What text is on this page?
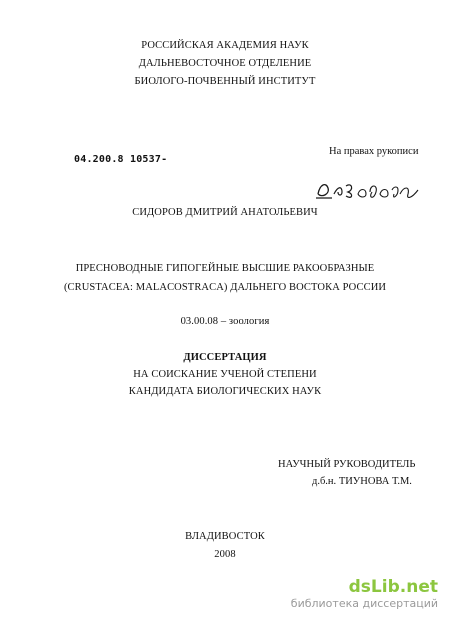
РОССИЙСКАЯ АКАДЕМИЯ НАУК
ДАЛЬНЕВОСТОЧНОЕ ОТДЕЛЕНИЕ
БИОЛОГО-ПОЧВЕННЫЙ ИНСТИТУТ
На правах рукописи
04.200.8 10537-
СИДОРОВ ДМИТРИЙ АНАТОЛЬЕВИЧ
ПРЕСНОВОДНЫЕ ГИПОГЕЙНЫЕ ВЫСШИЕ РАКООБРАЗНЫЕ
(CRUSTACEA: MALACOSTRACA) ДАЛЬНЕГО ВОСТОКА РОССИИ
03.00.08 – зоология
ДИССЕРТАЦИЯ
НА СОИСКАНИЕ УЧЕНОЙ СТЕПЕНИ
КАНДИДАТА БИОЛОГИЧЕСКИХ НАУК
НАУЧНЫЙ РУКОВОДИТЕЛЬ
д.б.н. ТИУНОВА Т.М.
ВЛАДИВОСТОК
2008
dsLib.net
библиотека диссертаций
